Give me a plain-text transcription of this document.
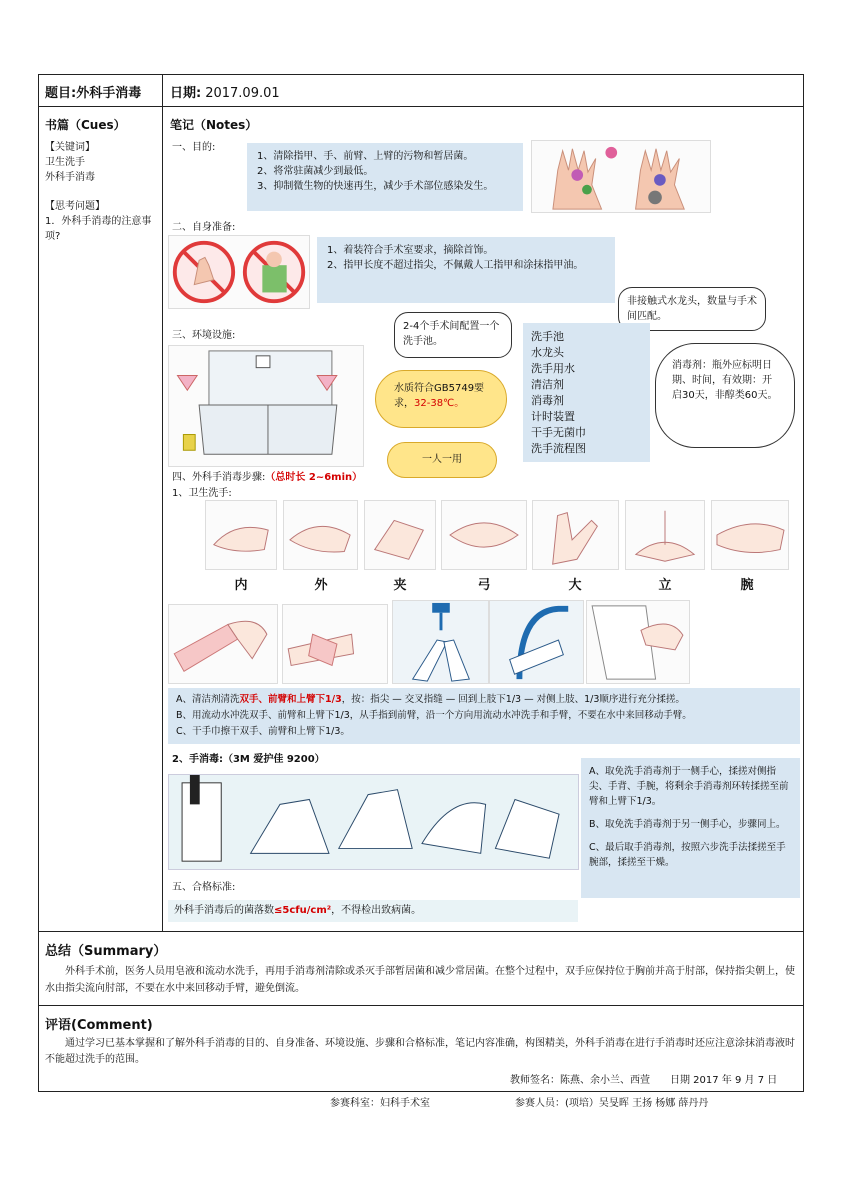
题目:外科手消毒 日期: 2017.09.01
书篇（Cues）
【关键词】
卫生洗手
外科手消毒
【思考问题】
1．外科手消毒的注意事项?
笔记（Notes）
一、目的:
1、清除指甲、手、前臂、上臂的污物和暂居菌。
2、将常驻菌减少到最低。
3、抑制微生物的快速再生，减少手术部位感染发生。
二、自身准备:
1、着装符合手术室要求，摘除首饰。
2、指甲长度不超过指尖，不佩戴人工指甲和涂抹指甲油。
三、环境设施:
2-4个手术间配置一个洗手池。
非接触式水龙头，数量与手术间匹配。
水质符合GB5749要求，32-38℃。
一人一用
消毒剂：瓶外应标明日期、时间，有效期：开启30天，非醇类60天。
洗手池
水龙头
洗手用水
清洁剂
消毒剂
计时装置
干手无菌巾
洗手流程图
四、外科手消毒步骤:（总时长 2~6min）
1、卫生洗手:
内	外	夹	弓	大	立	腕
A、清洁剂清洗双手、前臂和上臂下1/3，按：指尖 — 交叉指缝 — 回到上肢下1/3 — 对侧上肢、1/3顺序进行充分揉搓。
B、用流动水冲洗双手、前臂和上臂下1/3，从手指到前臂，沿一个方向用流动水冲洗手和手臂，不要在水中来回移动手臂。
C、干手巾擦干双手、前臂和上臂下1/3。
2、手消毒:（3M 爱护佳 9200）
A、取免洗手消毒剂于一侧手心，揉搓对侧指尖、手背、手腕，将剩余手消毒剂环转揉搓至前臂和上臂下1/3。
B、取免洗手消毒剂于另一侧手心，步骤同上。
C、最后取手消毒剂，按照六步洗手法揉搓至手腕部，揉搓至干燥。
五、合格标准:
外科手消毒后的菌落数≤5cfu/cm²，不得检出致病菌。
总结（Summary）
外科手术前，医务人员用皂液和流动水洗手，再用手消毒剂清除或杀灭手部暂居菌和减少常居菌。在整个过程中，双手应保持位于胸前并高于肘部，保持指尖朝上，使水由指尖流向肘部，不要在水中来回移动手臂，避免倒流。
评语(Comment)
通过学习已基本掌握和了解外科手消毒的目的、自身准备、环境设施、步骤和合格标准，笔记内容准确，构图精美，外科手消毒在进行手消毒时还应注意涂抹消毒液时不能超过洗手的范围。
教师签名：陈燕、余小兰、西萱　　日期 2017 年 9 月 7 日
参赛科室：妇科手术室	参赛人员：(项培）吴旻晖 王扬 杨娜 薛丹丹
